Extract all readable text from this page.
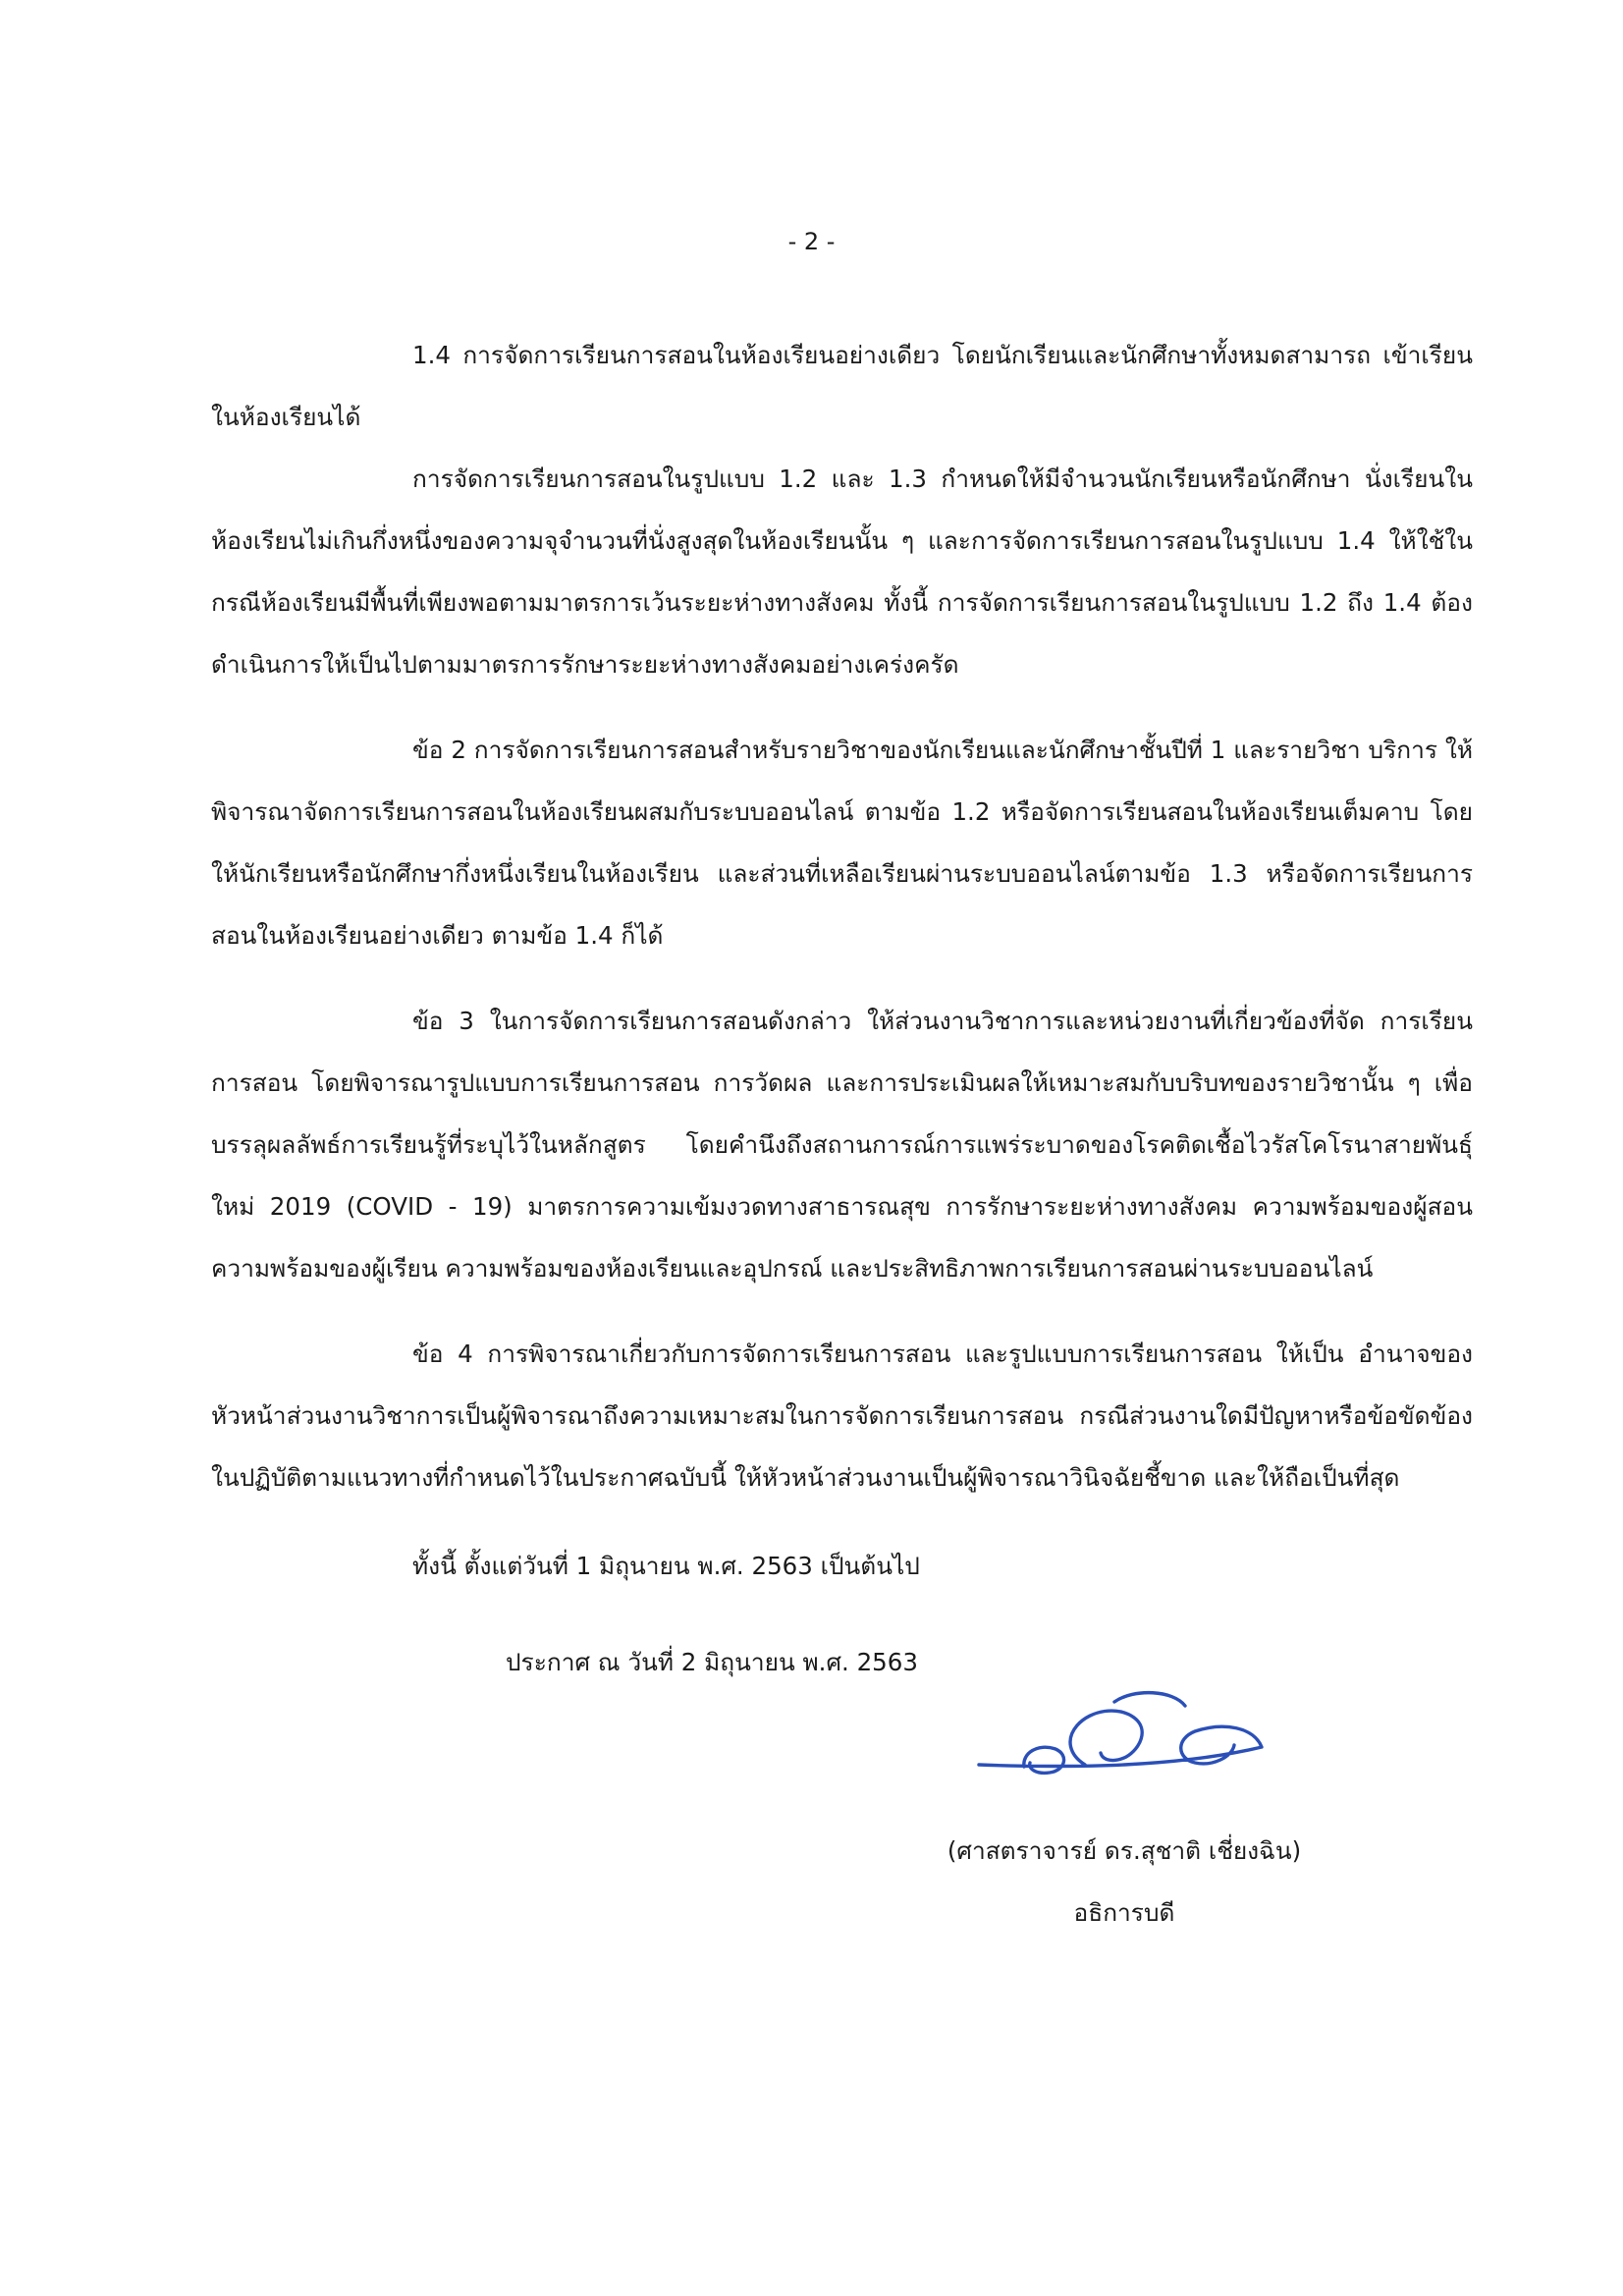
- 2 -

1.4 การจัดการเรียนการสอนในห้องเรียนอย่างเดียว โดยนักเรียนและนักศึกษาทั้งหมดสามารถ เข้าเรียนในห้องเรียนได้

การจัดการเรียนการสอนในรูปแบบ 1.2 และ 1.3 กำหนดให้มีจำนวนนักเรียนหรือนักศึกษา นั่งเรียนในห้องเรียนไม่เกินกึ่งหนึ่งของความจุจำนวนที่นั่งสูงสุดในห้องเรียนนั้น ๆ และการจัดการเรียนการสอนในรูปแบบ 1.4 ให้ใช้ในกรณีห้องเรียนมีพื้นที่เพียงพอตามมาตรการเว้นระยะห่างทางสังคม ทั้งนี้ การจัดการเรียนการสอนในรูปแบบ 1.2 ถึง 1.4 ต้องดำเนินการให้เป็นไปตามมาตรการรักษาระยะห่างทางสังคมอย่างเคร่งครัด

ข้อ 2 การจัดการเรียนการสอนสำหรับรายวิชาของนักเรียนและนักศึกษาชั้นปีที่ 1 และรายวิชา บริการ ให้พิจารณาจัดการเรียนการสอนในห้องเรียนผสมกับระบบออนไลน์ ตามข้อ 1.2 หรือจัดการเรียนสอนในห้องเรียนเต็มคาบ โดยให้นักเรียนหรือนักศึกษากึ่งหนึ่งเรียนในห้องเรียน และส่วนที่เหลือเรียนผ่านระบบออนไลน์ตามข้อ 1.3 หรือจัดการเรียนการสอนในห้องเรียนอย่างเดียว ตามข้อ 1.4 ก็ได้

ข้อ 3 ในการจัดการเรียนการสอนดังกล่าว ให้ส่วนงานวิชาการและหน่วยงานที่เกี่ยวข้องที่จัด การเรียนการสอน โดยพิจารณารูปแบบการเรียนการสอน การวัดผล และการประเมินผลให้เหมาะสมกับบริบทของรายวิชานั้น ๆ เพื่อบรรลุผลลัพธ์การเรียนรู้ที่ระบุไว้ในหลักสูตร โดยคำนึงถึงสถานการณ์การแพร่ระบาดของโรคติดเชื้อไวรัสโคโรนาสายพันธุ์ใหม่ 2019 (COVID - 19) มาตรการความเข้มงวดทางสาธารณสุข การรักษาระยะห่างทางสังคม ความพร้อมของผู้สอน ความพร้อมของผู้เรียน ความพร้อมของห้องเรียนและอุปกรณ์ และประสิทธิภาพการเรียนการสอนผ่านระบบออนไลน์

ข้อ 4 การพิจารณาเกี่ยวกับการจัดการเรียนการสอน และรูปแบบการเรียนการสอน ให้เป็น อำนาจของหัวหน้าส่วนงานวิชาการเป็นผู้พิจารณาถึงความเหมาะสมในการจัดการเรียนการสอน กรณีส่วนงานใดมีปัญหาหรือข้อขัดข้องในปฏิบัติตามแนวทางที่กำหนดไว้ในประกาศฉบับนี้ ให้หัวหน้าส่วนงานเป็นผู้พิจารณาวินิจฉัยชี้ขาด และให้ถือเป็นที่สุด

ทั้งนี้ ตั้งแต่วันที่ 1 มิถุนายน พ.ศ. 2563 เป็นต้นไป
ประกาศ ณ วันที่ 2 มิถุนายน พ.ศ. 2563
(ศาสตราจารย์ ดร.สุชาติ เชี่ยงฉิน)
อธิการบดี
